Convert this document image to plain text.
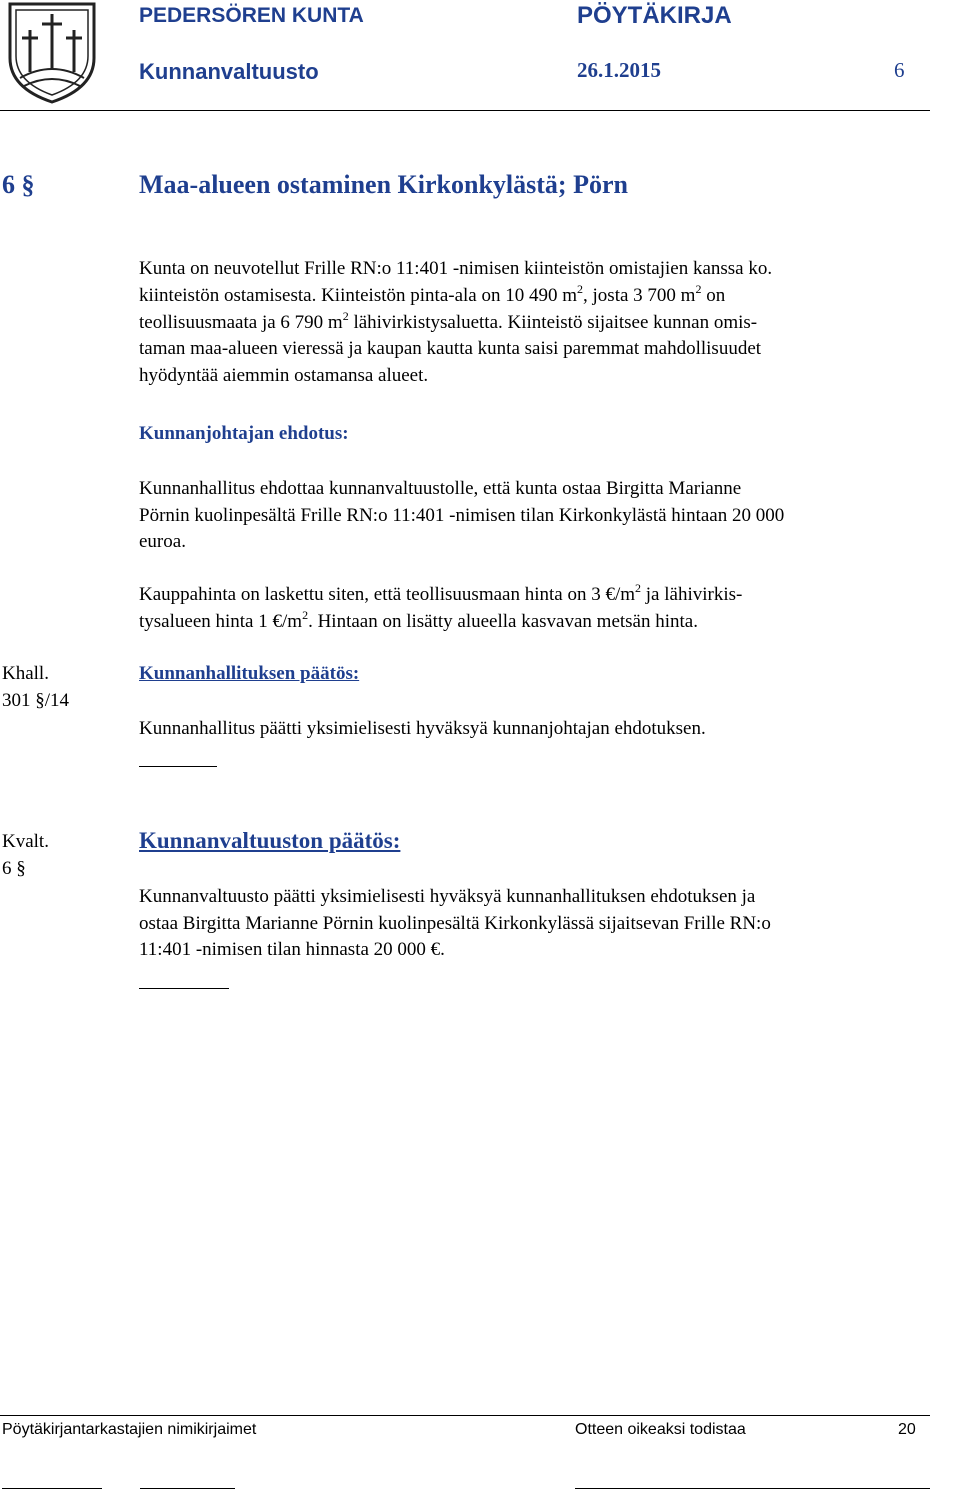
PEDERSÖREN KUNTA	PÖYTÄKIRJA
Kunnanvaltuusto	26.1.2015	6
6 §	Maa-alueen ostaminen Kirkonkylästä; Pörn
Kunta on neuvotellut Frille RN:o 11:401 -nimisen kiinteistön omistajien kanssa ko.
kiinteistön ostamisesta. Kiinteistön pinta-ala on 10 490 $m^2$, josta 3 700 $m^2$ on
teollisuusmaata ja 6 790 $m^2$ lähivirkistysaluetta. Kiinteistö sijaitsee kunnan omis-
taman maa-alueen vieressä ja kaupan kautta kunta saisi paremmat mahdollisuudet
hyödyntää aiemmin ostamansa alueet.
Kunnanjohtajan ehdotus:
Kunnanhallitus ehdottaa kunnanvaltuustolle, että kunta ostaa Birgitta Marianne
Pörnin kuolinpesältä Frille RN:o 11:401 -nimisen tilan Kirkonkylästä hintaan 20 000
euroa.
Kauppahinta on laskettu siten, että teollisuusmaan hinta on 3 $€/m^2$ ja lähivirkis-
tysalueen hinta 1 $€/m^2$. Hintaan on lisätty alueella kasvavan metsän hinta.
Khall.
301 §/14
Kunnanhallituksen päätös:
Kunnanhallitus päätti yksimielisesti hyväksyä kunnanjohtajan ehdotuksen.
Kvalt.
6 §
Kunnanvaltuuston päätös:
Kunnanvaltuusto päätti yksimielisesti hyväksyä kunnanhallituksen ehdotuksen ja
ostaa Birgitta Marianne Pörnin kuolinpesältä Kirkonkylässä sijaitsevan Frille RN:o
11:401 -nimisen tilan hinnasta 20 000 €.
Pöytäkirjantarkastajien nimikirjaimet	Otteen oikeaksi todistaa	20
